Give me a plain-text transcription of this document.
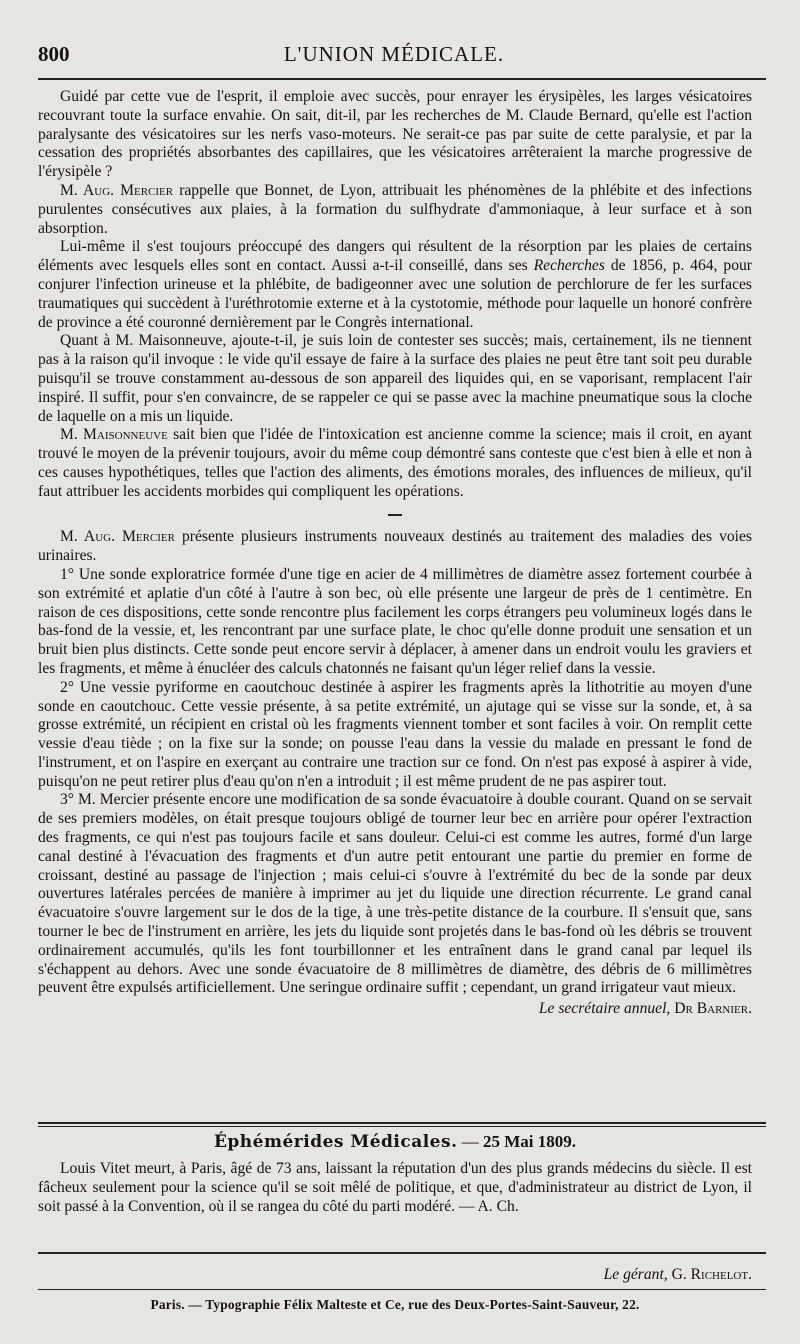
800	L'UNION MÉDICALE.

Guidé par cette vue de l'esprit, il emploie avec succès, pour enrayer les érysipèles, les larges vésicatoires recouvrant toute la surface envahie. On sait, dit-il, par les recherches de M. Claude Bernard, qu'elle est l'action paralysante des vésicatoires sur les nerfs vaso-moteurs. Ne serait-ce pas par suite de cette paralysie, et par la cessation des propriétés absorbantes des capillaires, que les vésicatoires arrêteraient la marche progressive de l'érysipèle ?

M. Aug. Mercier rappelle que Bonnet, de Lyon, attribuait les phénomènes de la phlébite et des infections purulentes consécutives aux plaies, à la formation du sulfhydrate d'ammoniaque, à leur surface et à son absorption.

Lui-même il s'est toujours préoccupé des dangers qui résultent de la résorption par les plaies de certains éléments avec lesquels elles sont en contact. Aussi a-t-il conseillé, dans ses Recherches de 1856, p. 464, pour conjurer l'infection urineuse et la phlébite, de badigeonner avec une solution de perchlorure de fer les surfaces traumatiques qui succèdent à l'uréthrotomie externe et à la cystotomie, méthode pour laquelle un honoré confrère de province a été couronné dernièrement par le Congrès international.

Quant à M. Maisonneuve, ajoute-t-il, je suis loin de contester ses succès; mais, certainement, ils ne tiennent pas à la raison qu'il invoque : le vide qu'il essaye de faire à la surface des plaies ne peut être tant soit peu durable puisqu'il se trouve constamment au-dessous de son appareil des liquides qui, en se vaporisant, remplacent l'air inspiré. Il suffit, pour s'en convaincre, de se rappeler ce qui se passe avec la machine pneumatique sous la cloche de laquelle on a mis un liquide.

M. Maisonneuve sait bien que l'idée de l'intoxication est ancienne comme la science; mais il croit, en ayant trouvé le moyen de la prévenir toujours, avoir du même coup démontré sans conteste que c'est bien à elle et non à ces causes hypothétiques, telles que l'action des aliments, des émotions morales, des influences de milieux, qu'il faut attribuer les accidents morbides qui compliquent les opérations.

M. Aug. Mercier présente plusieurs instruments nouveaux destinés au traitement des maladies des voies urinaires.

1° Une sonde exploratrice formée d'une tige en acier de 4 millimètres de diamètre assez fortement courbée à son extrémité et aplatie d'un côté à l'autre à son bec, où elle présente une largeur de près de 1 centimètre. En raison de ces dispositions, cette sonde rencontre plus facilement les corps étrangers peu volumineux logés dans le bas-fond de la vessie, et, les rencontrant par une surface plate, le choc qu'elle donne produit une sensation et un bruit bien plus distincts. Cette sonde peut encore servir à déplacer, à amener dans un endroit voulu les graviers et les fragments, et même à énucléer des calculs chatonnés ne faisant qu'un léger relief dans la vessie.

2° Une vessie pyriforme en caoutchouc destinée à aspirer les fragments après la lithotritie au moyen d'une sonde en caoutchouc. Cette vessie présente, à sa petite extrémité, un ajutage qui se visse sur la sonde, et, à sa grosse extrémité, un récipient en cristal où les fragments viennent tomber et sont faciles à voir. On remplit cette vessie d'eau tiède ; on la fixe sur la sonde; on pousse l'eau dans la vessie du malade en pressant le fond de l'instrument, et on l'aspire en exerçant au contraire une traction sur ce fond. On n'est pas exposé à aspirer à vide, puisqu'on ne peut retirer plus d'eau qu'on n'en a introduit ; il est même prudent de ne pas aspirer tout.

3° M. Mercier présente encore une modification de sa sonde évacuatoire à double courant. Quand on se servait de ses premiers modèles, on était presque toujours obligé de tourner leur bec en arrière pour opérer l'extraction des fragments, ce qui n'est pas toujours facile et sans douleur. Celui-ci est comme les autres, formé d'un large canal destiné à l'évacuation des fragments et d'un autre petit entourant une partie du premier en forme de croissant, destiné au passage de l'injection ; mais celui-ci s'ouvre à l'extrémité du bec de la sonde par deux ouvertures latérales percées de manière à imprimer au jet du liquide une direction récurrente. Le grand canal évacuatoire s'ouvre largement sur le dos de la tige, à une très-petite distance de la courbure. Il s'ensuit que, sans tourner le bec de l'instrument en arrière, les jets du liquide sont projetés dans le bas-fond où les débris se trouvent ordinairement accumulés, qu'ils les font tourbillonner et les entraînent dans le grand canal par lequel ils s'échappent au dehors. Avec une sonde évacuatoire de 8 millimètres de diamètre, des débris de 6 millimètres peuvent être expulsés artificiellement. Une seringue ordinaire suffit ; cependant, un grand irrigateur vaut mieux.

Le secrétaire annuel, Dr Barnier.
Éphémérides Médicales. — 25 Mai 1809.

Louis Vitet meurt, à Paris, âgé de 73 ans, laissant la réputation d'un des plus grands médecins du siècle. Il est fâcheux seulement pour la science qu'il se soit mêlé de politique, et que, d'administrateur au district de Lyon, il soit passé à la Convention, où il se rangea du côté du parti modéré. — A. Ch.

Le gérant, G. Richelot.
Paris. — Typographie Félix Malteste et Ce, rue des Deux-Portes-Saint-Sauveur, 22.
